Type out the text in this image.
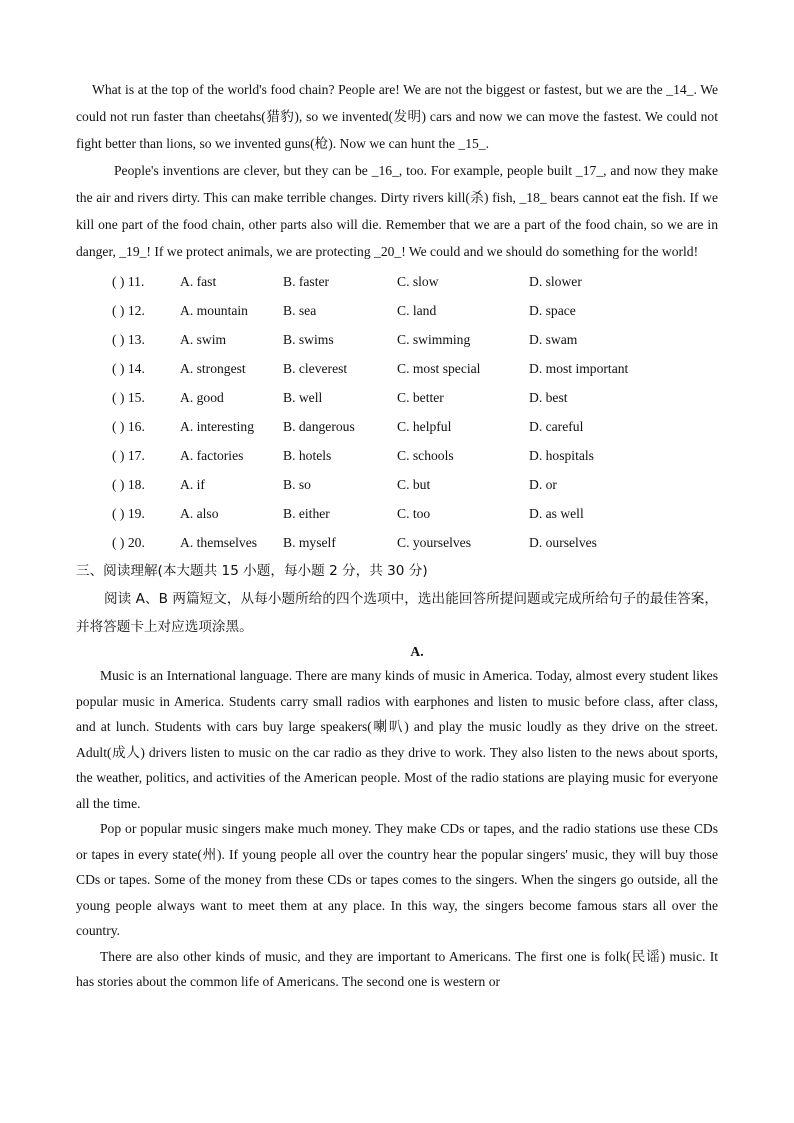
What is at the top of the world's food chain? People are! We are not the biggest or fastest, but we are the _14_. We could not run faster than cheetahs(猎豹), so we invented(发明) cars and now we can move the fastest. We could not fight better than lions, so we invented guns(枪). Now we can hunt the _15_.

People's inventions are clever, but they can be _16_, too. For example, people built _17_, and now they make the air and rivers dirty. This can make terrible changes. Dirty rivers kill(杀) fish, _18_ bears cannot eat the fish. If we kill one part of the food chain, other parts also will die. Remember that we are a part of the food chain, so we are in danger, _19_! If we protect animals, we are protecting _20_! We could and we should do something for the world!

( ) 11.	A. fast	B. faster	C. slow	D. slower
( ) 12.	A. mountain	B. sea	C. land	D. space
( ) 13.	A. swim	B. swims	C. swimming	D. swam
( ) 14.	A. strongest	B. cleverest	C. most special	D. most important
( ) 15.	A. good	B. well	C. better	D. best
( ) 16.	A. interesting B. dangerous	C. helpful	D. careful
( ) 17.	A. factories	B. hotels	C. schools	D. hospitals
( ) 18.	A. if	B. so	C. but	D. or
( ) 19.	A. also	B. either	C. too	D. as well
( ) 20.	A. themselves B. myself	C. yourselves	D. ourselves

三、阅读理解(本大题共 15 小题，每小题 2 分，共 30 分)

阅读 A、B 两篇短文，从每小题所给的四个选项中，选出能回答所提问题或完成所给句子的最佳答案，并将答题卡上对应选项涂黑。

A.

Music is an International language. There are many kinds of music in America. Today, almost every student likes popular music in America. Students carry small radios with earphones and listen to music before class, after class, and at lunch. Students with cars buy large speakers(喇叭) and play the music loudly as they drive on the street. Adult(成人) drivers listen to music on the car radio as they drive to work. They also listen to the news about sports, the weather, politics, and activities of the American people. Most of the radio stations are playing music for everyone all the time.

Pop or popular music singers make much money. They make CDs or tapes, and the radio stations use these CDs or tapes in every state(州). If young people all over the country hear the popular singers' music, they will buy those CDs or tapes. Some of the money from these CDs or tapes comes to the singers. When the singers go outside, all the young people always want to meet them at any place. In this way, the singers become famous stars all over the country.

There are also other kinds of music, and they are important to Americans. The first one is folk(民谣) music. It has stories about the common life of Americans. The second one is western or
